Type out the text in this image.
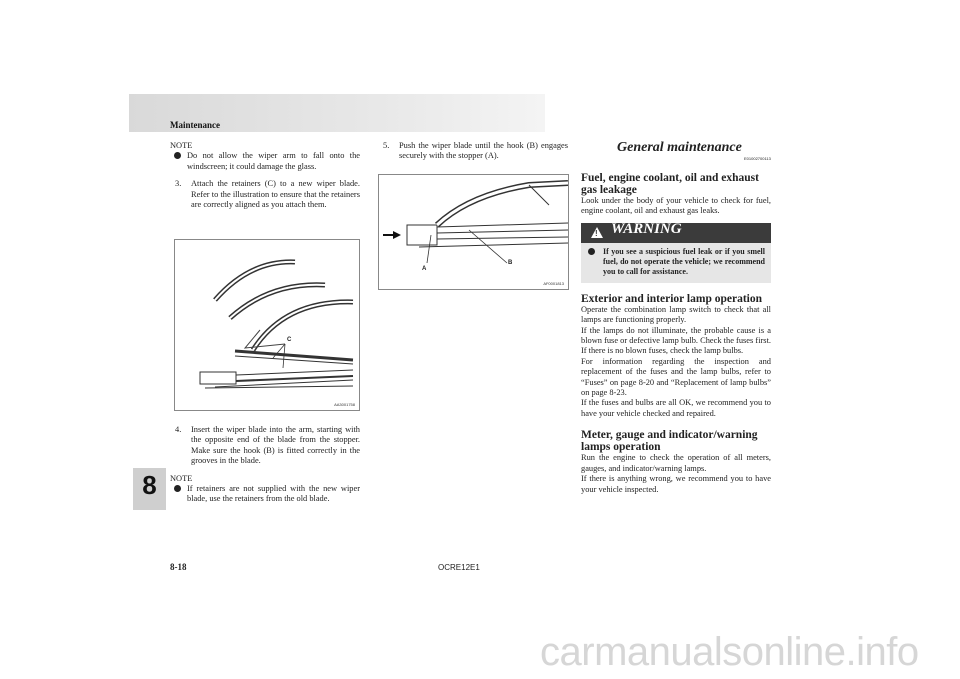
Maintenance
NOTE
Do not allow the wiper arm to fall onto the windscreen; it could damage the glass.
3. Attach the retainers (C) to a new wiper blade. Refer to the illustration to ensure that the retainers are correctly aligned as you attach them.
C
AA3001758
4. Insert the wiper blade into the arm, starting with the opposite end of the blade from the stopper. Make sure the hook (B) is fitted correctly in the grooves in the blade.
NOTE
If retainers are not supplied with the new wiper blade, use the retainers from the old blade.
5. Push the wiper blade until the hook (B) engages securely with the stopper (A).
A
B
AF0001813
General maintenance
E01002700113
Fuel, engine coolant, oil and exhaust gas leakage
Look under the body of your vehicle to check for fuel, engine coolant, oil and exhaust gas leaks.
! WARNING
If you see a suspicious fuel leak or if you smell fuel, do not operate the vehicle; we recommend you to call for assistance.
Exterior and interior lamp operation
Operate the combination lamp switch to check that all lamps are functioning properly.
If the lamps do not illuminate, the probable cause is a blown fuse or defective lamp bulb. Check the fuses first. If there is no blown fuses, check the lamp bulbs.
For information regarding the inspection and replacement of the fuses and the lamp bulbs, refer to “Fuses” on page 8-20 and “Replacement of lamp bulbs” on page 8-23.
If the fuses and bulbs are all OK, we recommend you to have your vehicle checked and repaired.
Meter, gauge and indicator/warning lamps operation
Run the engine to check the operation of all meters, gauges, and indicator/warning lamps.
If there is anything wrong, we recommend you to have your vehicle inspected.
8
8-18	OCRE12E1
carmanualsonline.info
